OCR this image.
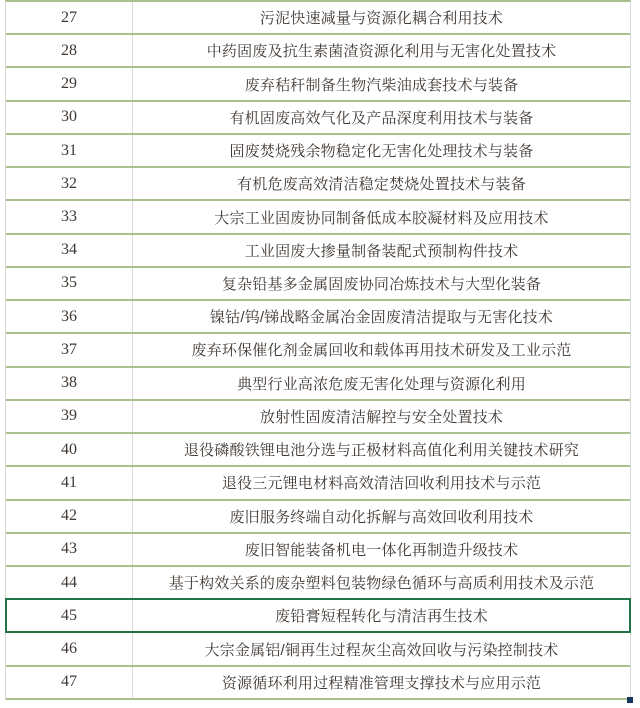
27	污泥快速减量与资源化耦合利用技术
28	中药固废及抗生素菌渣资源化利用与无害化处置技术
29	废弃秸秆制备生物汽柴油成套技术与装备
30	有机固废高效气化及产品深度利用技术与装备
31	固废焚烧残余物稳定化无害化处理技术与装备
32	有机危废高效清洁稳定焚烧处置技术与装备
33	大宗工业固废协同制备低成本胶凝材料及应用技术
34	工业固废大掺量制备装配式预制构件技术
35	复杂铅基多金属固废协同冶炼技术与大型化装备
36	镍钴/钨/锑战略金属冶金固废清洁提取与无害化技术
37	废弃环保催化剂金属回收和载体再用技术研发及工业示范
38	典型行业高浓危废无害化处理与资源化利用
39	放射性固废清洁解控与安全处置技术
40	退役磷酸铁锂电池分选与正极材料高值化利用关键技术研究
41	退役三元锂电材料高效清洁回收利用技术与示范
42	废旧服务终端自动化拆解与高效回收利用技术
43	废旧智能装备机电一体化再制造升级技术
44	基于构效关系的废杂塑料包装物绿色循环与高质利用技术及示范
45	废铅膏短程转化与清洁再生技术
46	大宗金属铝/铜再生过程灰尘高效回收与污染控制技术
47	资源循环利用过程精准管理支撑技术与应用示范
